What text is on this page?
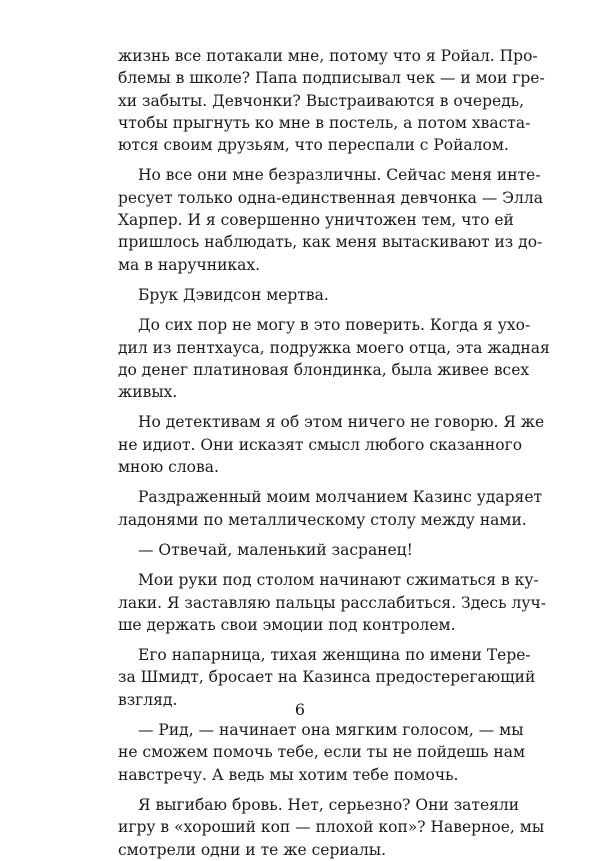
жизнь все потакали мне, потому что я Ройал. Про-
блемы в школе? Папа подписывал чек — и мои гре-
хи забыты. Девчонки? Выстраиваются в очередь,
чтобы прыгнуть ко мне в постель, а потом хваста-
ются своим друзьям, что переспали с Ройалом.
Но все они мне безразличны. Сейчас меня инте-
ресует только одна-единственная девчонка — Элла
Харпер. И я совершенно уничтожен тем, что ей
пришлось наблюдать, как меня вытаскивают из до-
ма в наручниках.
Брук Дэвидсон мертва.
До сих пор не могу в это поверить. Когда я ухо-
дил из пентхауса, подружка моего отца, эта жадная
до денег платиновая блондинка, была живее всех
живых.
Но детективам я об этом ничего не говорю. Я же
не идиот. Они исказят смысл любого сказанного
мною слова.
Раздраженный моим молчанием Казинс ударяет
ладонями по металлическому столу между нами.
— Отвечай, маленький засранец!
Мои руки под столом начинают сжиматься в ку-
лаки. Я заставляю пальцы расслабиться. Здесь луч-
ше держать свои эмоции под контролем.
Его напарница, тихая женщина по имени Тере-
за Шмидт, бросает на Казинса предостерегающий
взгляд.
— Рид, — начинает она мягким голосом, — мы
не сможем помочь тебе, если ты не пойдешь нам
навстречу. А ведь мы хотим тебе помочь.
Я выгибаю бровь. Нет, серьезно? Они затеяли
игру в «хороший коп — плохой коп»? Наверное, мы
смотрели одни и те же сериалы.
6
